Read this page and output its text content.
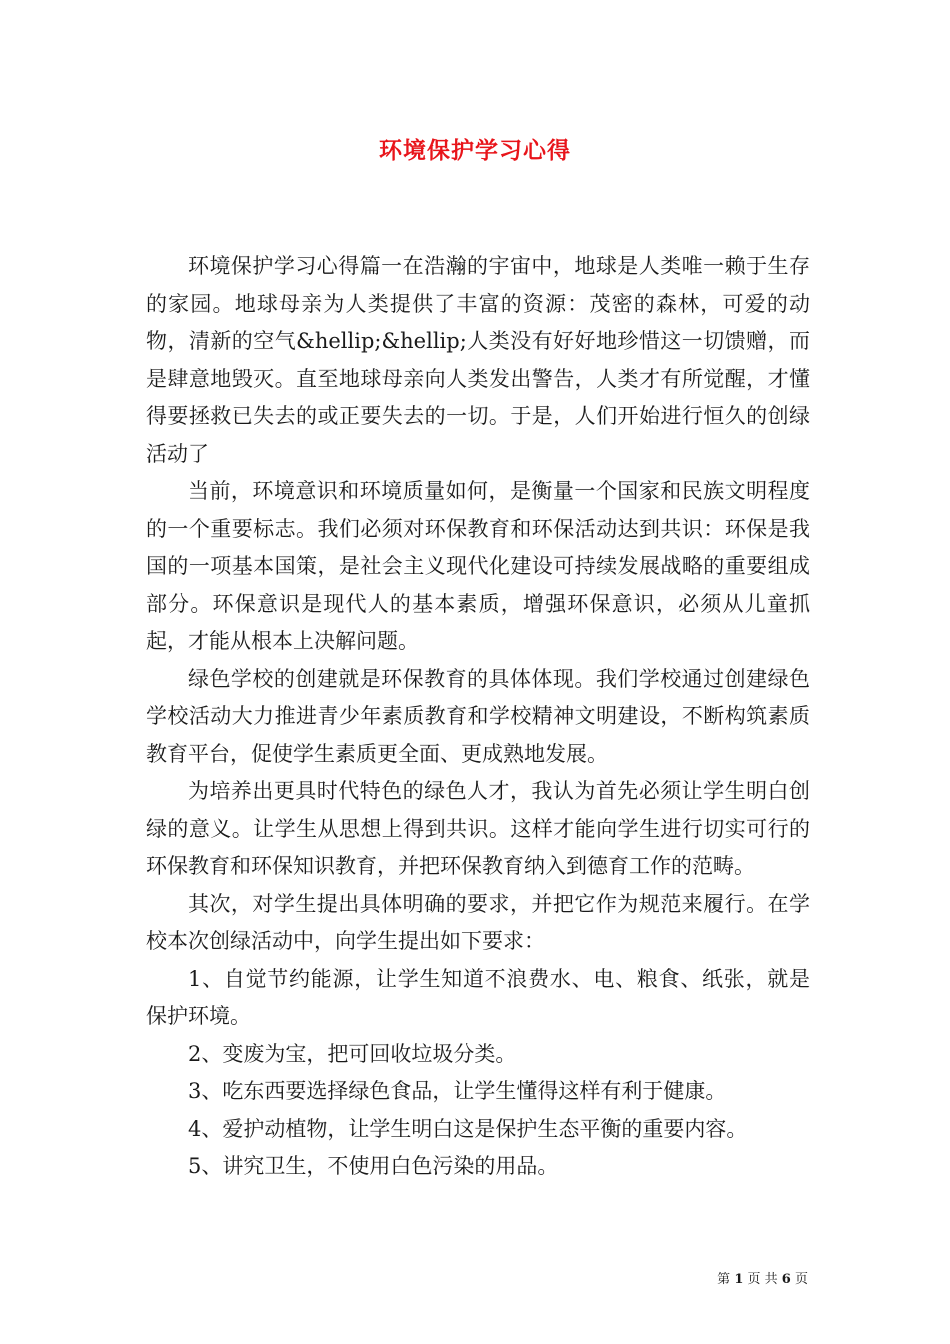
环境保护学习心得

环境保护学习心得篇一在浩瀚的宇宙中，地球是人类唯一赖于生存的家园。地球母亲为人类提供了丰富的资源：茂密的森林，可爱的动物，清新的空气&hellip;&hellip;人类没有好好地珍惜这一切馈赠，而是肆意地毁灭。直至地球母亲向人类发出警告，人类才有所觉醒，才懂得要拯救已失去的或正要失去的一切。于是，人们开始进行恒久的创绿活动了

当前，环境意识和环境质量如何，是衡量一个国家和民族文明程度的一个重要标志。我们必须对环保教育和环保活动达到共识：环保是我国的一项基本国策，是社会主义现代化建设可持续发展战略的重要组成部分。环保意识是现代人的基本素质，增强环保意识，必须从儿童抓起，才能从根本上决解问题。

绿色学校的创建就是环保教育的具体体现。我们学校通过创建绿色学校活动大力推进青少年素质教育和学校精神文明建设，不断构筑素质教育平台，促使学生素质更全面、更成熟地发展。

为培养出更具时代特色的绿色人才，我认为首先必须让学生明白创绿的意义。让学生从思想上得到共识。这样才能向学生进行切实可行的环保教育和环保知识教育，并把环保教育纳入到德育工作的范畴。

其次，对学生提出具体明确的要求，并把它作为规范来履行。在学校本次创绿活动中，向学生提出如下要求：

1、自觉节约能源，让学生知道不浪费水、电、粮食、纸张，就是保护环境。

2、变废为宝，把可回收垃圾分类。

3、吃东西要选择绿色食品，让学生懂得这样有利于健康。

4、爱护动植物，让学生明白这是保护生态平衡的重要内容。

5、讲究卫生，不使用白色污染的用品。

第 1 页 共 6 页
